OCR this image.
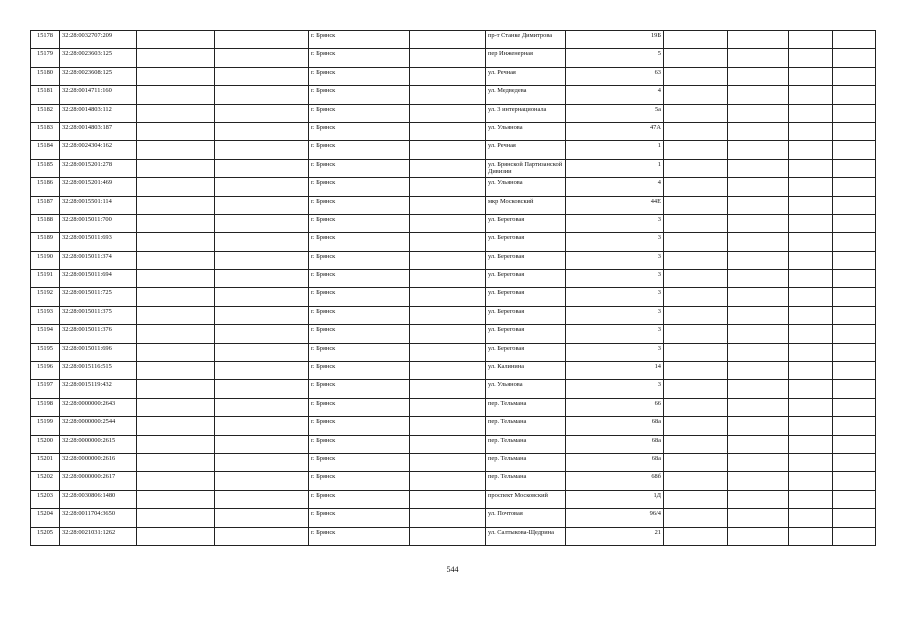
15178	32:28:0032707:209			г. Брянск		пр-т Станке Димитрова	19Б				
15179	32:28:0023603:125			г. Брянск		пер Инженерная	5				
15180	32:28:0023608:125			г. Брянск		ул. Речная	63				
15181	32:28:0014711:160			г. Брянск		ул. Медведева	4				
15182	32:28:0014803:112			г. Брянск		ул. 3 интернационала	5а				
15183	32:28:0014803:187			г. Брянск		ул. Ульянова	47А				
15184	32:28:0024304:162			г. Брянск		ул. Речная	1				
15185	32:28:0015201:278			г. Брянск		ул. Брянской Партизанской Дивизии	1				
15186	32:28:0015201:469			г. Брянск		ул. Ульянова	4				
15187	32:28:0015501:114			г. Брянск		мкр Московский	44Е				
15188	32:28:0015011:700			г. Брянск		ул. Береговая	3				
15189	32:28:0015011:693			г. Брянск		ул. Береговая	3				
15190	32:28:0015011:374			г. Брянск		ул. Береговая	3				
15191	32:28:0015011:694			г. Брянск		ул. Береговая	3				
15192	32:28:0015011:725			г. Брянск		ул. Береговая	3				
15193	32:28:0015011:375			г. Брянск		ул. Береговая	3				
15194	32:28:0015011:376			г. Брянск		ул. Береговая	3				
15195	32:28:0015011:696			г. Брянск		ул. Береговая	3				
15196	32:28:0015116:515			г. Брянск		ул. Калинина	14				
15197	32:28:0015119:432			г. Брянск		ул. Ульянова	3				
15198	32:28:0000000:2643			г. Брянск		пер. Тельмана	66				
15199	32:28:0000000:2544			г. Брянск		пер. Тельмана	68а				
15200	32:28:0000000:2615			г. Брянск		пер. Тельмана	68а				
15201	32:28:0000000:2616			г. Брянск		пер. Тельмана	68а				
15202	32:28:0000000:2617			г. Брянск		пер. Тельмана	68б				
15203	32:28:0030806:1480			г. Брянск		проспект Московский	1Д				
15204	32:28:0011704:3650			г. Брянск		ул. Почтовая	96/4				
15205	32:28:0021031:1262			г. Брянск		ул. Салтыкова-Щедрина	21				
544
